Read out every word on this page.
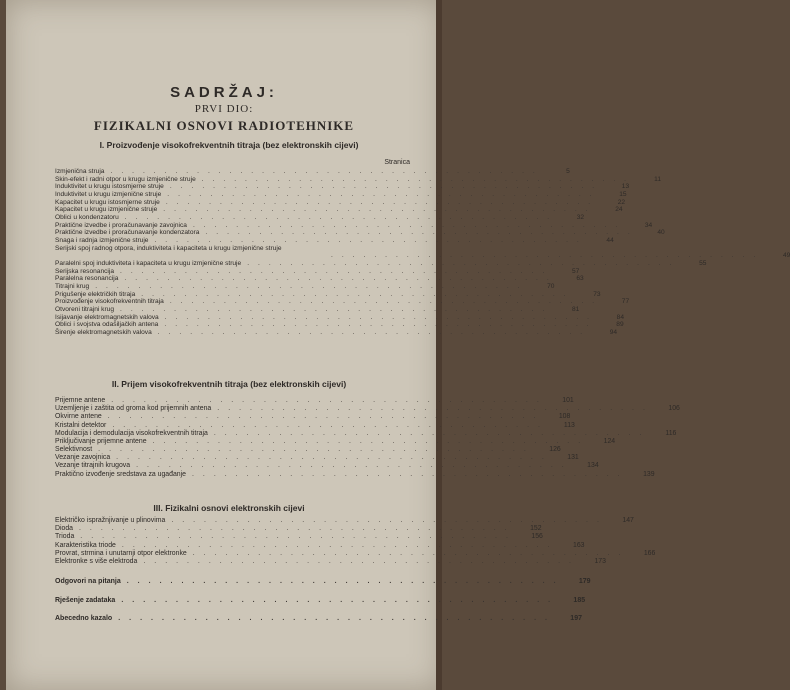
SADRŽAJ:
PRVI DIO:
FIZIKALNI OSNOVI RADIOTEHNIKE
I. Proizvođenje visokofrekventnih titraja (bez elektronskih cijevi)
Stranica
Izmjenična struja ........................................	5
Skin-efekt i radni otpor u krugu izmjenične struje ........................................	11
Induktivitet u krugu istosmjerne struje ........................................	13
Induktivitet u krugu izmjenične struje ........................................	15
Kapacitet u krugu istosmjerne struje ........................................	22
Kapacitet u krugu izmjenične struje ........................................	24
Oblici u kondenzatoru ........................................	32
Praktične izvedbe i proračunavanje zavojnica ........................................	34
Praktične izvedbe i proračunavanje kondenzatora ........................................	40
Snaga i radnja izmjenične struje ........................................	44
Serijski spoj radnog otpora, induktiviteta i kapaciteta u krugu izmjenične struje
........................................	49
Paralelni spoj induktiviteta i kapaciteta u krugu izmjenične struje ........................................	55
Serijska resonancija ........................................	57
Paralelna resonancija ........................................	63
Titrajni krug ........................................	70
Prigušenje električkih titraja ........................................	73
Proizvođenje visokofrekventnih titraja ........................................	77
Otvoreni titrajni krug ........................................	81
Isijavanje elektromagnetskih valova ........................................	84
Oblici i svojstva odašiljačkih antena ........................................	89
Širenje elektromagnetskih valova ........................................	94
II. Prijem visokofrekventnih titraja (bez elektronskih cijevi)
Prijemne antene ........................................	101
Uzemljenje i zaštita od groma kod prijemnih antena ........................................	106
Okvirne antene ........................................	108
Kristalni detektor ........................................	113
Modulacija i demodulacija visokofrekventnih titraja ........................................	116
Priključivanje prijemne antene ........................................	124
Selektivnost ........................................	126
Vezanje zavojnica ........................................	131
Vezanje titrajnih krugova ........................................	134
Praktično izvođenje sredstava za ugađanje ........................................	139
III. Fizikalni osnovi elektronskih cijevi
Električko ispražnjivanje u plinovima ........................................	147
Dioda ........................................	152
Trioda ........................................	156
Karakteristika triode ........................................	163
Provrat, strmina i unutarnji otpor elektronke ........................................	166
Elektronke s više elektroda ........................................	173
Odgovori na pitanja ........................................	179
Rješenje zadataka ........................................	185
Abecedno kazalo ........................................	197
